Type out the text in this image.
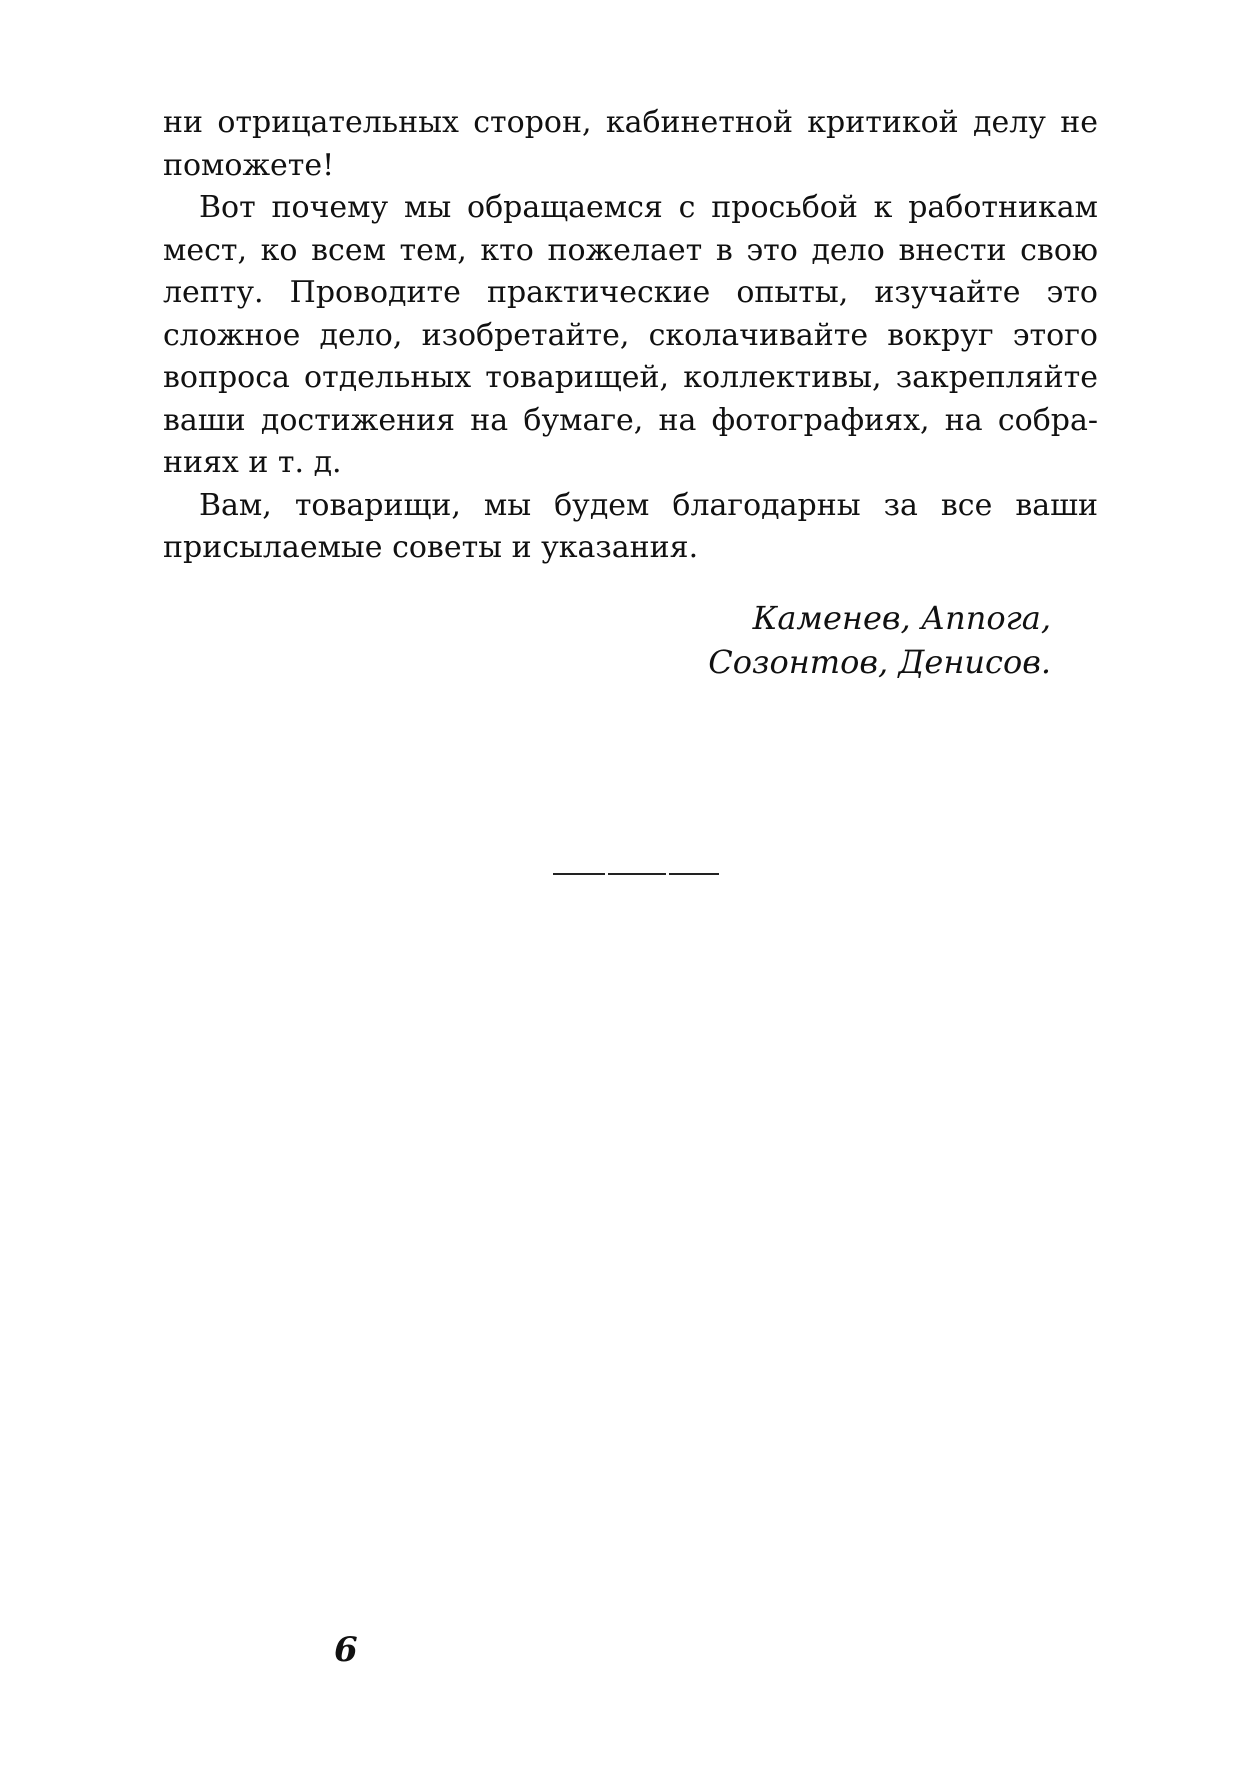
ни отрицательных сторон, кабинетной критикой делу не
поможете!

Вот почему мы обращаемся с просьбой к работникам
мест, ко всем тем, кто пожелает в это дело внести свою
лепту. Проводите практические опыты, изучайте это
сложное дело, изобретайте, сколачивайте вокруг этого
вопроса отдельных товарищей, коллективы, закрепляйте
ваши достижения на бумаге, на фотографиях, на собра-
ниях и т. д.

Вам, товарищи, мы будем благодарны за все ваши
присылаемые советы и указания.

Каменев, Аппога,
Созонтов, Денисов.
6
